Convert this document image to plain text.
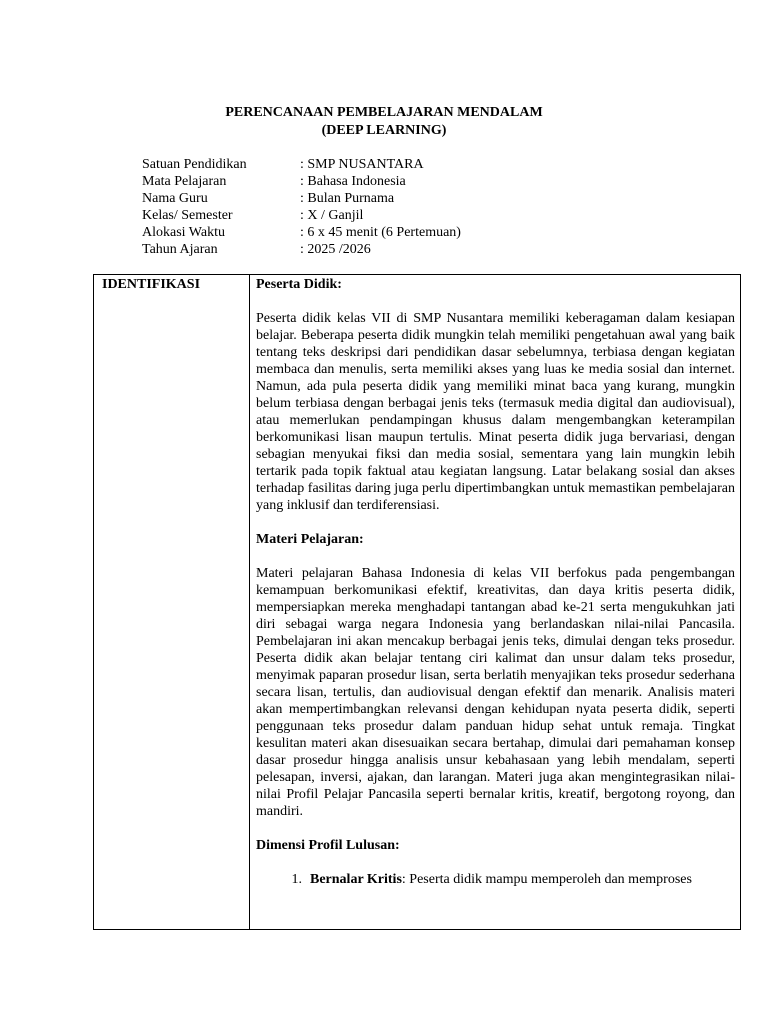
PERENCANAAN PEMBELAJARAN MENDALAM
(DEEP LEARNING)
Satuan Pendidikan	: SMP NUSANTARA
Mata Pelajaran	: Bahasa Indonesia
Nama Guru	: Bulan Purnama
Kelas/ Semester	: X / Ganjil
Alokasi Waktu	: 6 x 45 menit (6 Pertemuan)
Tahun Ajaran	: 2025 /2026
IDENTIFIKASI	Peserta Didik:

Peserta didik kelas VII di SMP Nusantara memiliki keberagaman dalam kesiapan belajar. Beberapa peserta didik mungkin telah memiliki pengetahuan awal yang baik tentang teks deskripsi dari pendidikan dasar sebelumnya, terbiasa dengan kegiatan membaca dan menulis, serta memiliki akses yang luas ke media sosial dan internet. Namun, ada pula peserta didik yang memiliki minat baca yang kurang, mungkin belum terbiasa dengan berbagai jenis teks (termasuk media digital dan audiovisual), atau memerlukan pendampingan khusus dalam mengembangkan keterampilan berkomunikasi lisan maupun tertulis. Minat peserta didik juga bervariasi, dengan sebagian menyukai fiksi dan media sosial, sementara yang lain mungkin lebih tertarik pada topik faktual atau kegiatan langsung. Latar belakang sosial dan akses terhadap fasilitas daring juga perlu dipertimbangkan untuk memastikan pembelajaran yang inklusif dan terdiferensiasi.

Materi Pelajaran:

Materi pelajaran Bahasa Indonesia di kelas VII berfokus pada pengembangan kemampuan berkomunikasi efektif, kreativitas, dan daya kritis peserta didik, mempersiapkan mereka menghadapi tantangan abad ke-21 serta mengukuhkan jati diri sebagai warga negara Indonesia yang berlandaskan nilai-nilai Pancasila. Pembelajaran ini akan mencakup berbagai jenis teks, dimulai dengan teks prosedur. Peserta didik akan belajar tentang ciri kalimat dan unsur dalam teks prosedur, menyimak paparan prosedur lisan, serta berlatih menyajikan teks prosedur sederhana secara lisan, tertulis, dan audiovisual dengan efektif dan menarik. Analisis materi akan mempertimbangkan relevansi dengan kehidupan nyata peserta didik, seperti penggunaan teks prosedur dalam panduan hidup sehat untuk remaja. Tingkat kesulitan materi akan disesuaikan secara bertahap, dimulai dari pemahaman konsep dasar prosedur hingga analisis unsur kebahasaan yang lebih mendalam, seperti pelesapan, inversi, ajakan, dan larangan. Materi juga akan mengintegrasikan nilai-nilai Profil Pelajar Pancasila seperti bernalar kritis, kreatif, bergotong royong, dan mandiri.

Dimensi Profil Lulusan:

1. Bernalar Kritis: Peserta didik mampu memperoleh dan memproses
